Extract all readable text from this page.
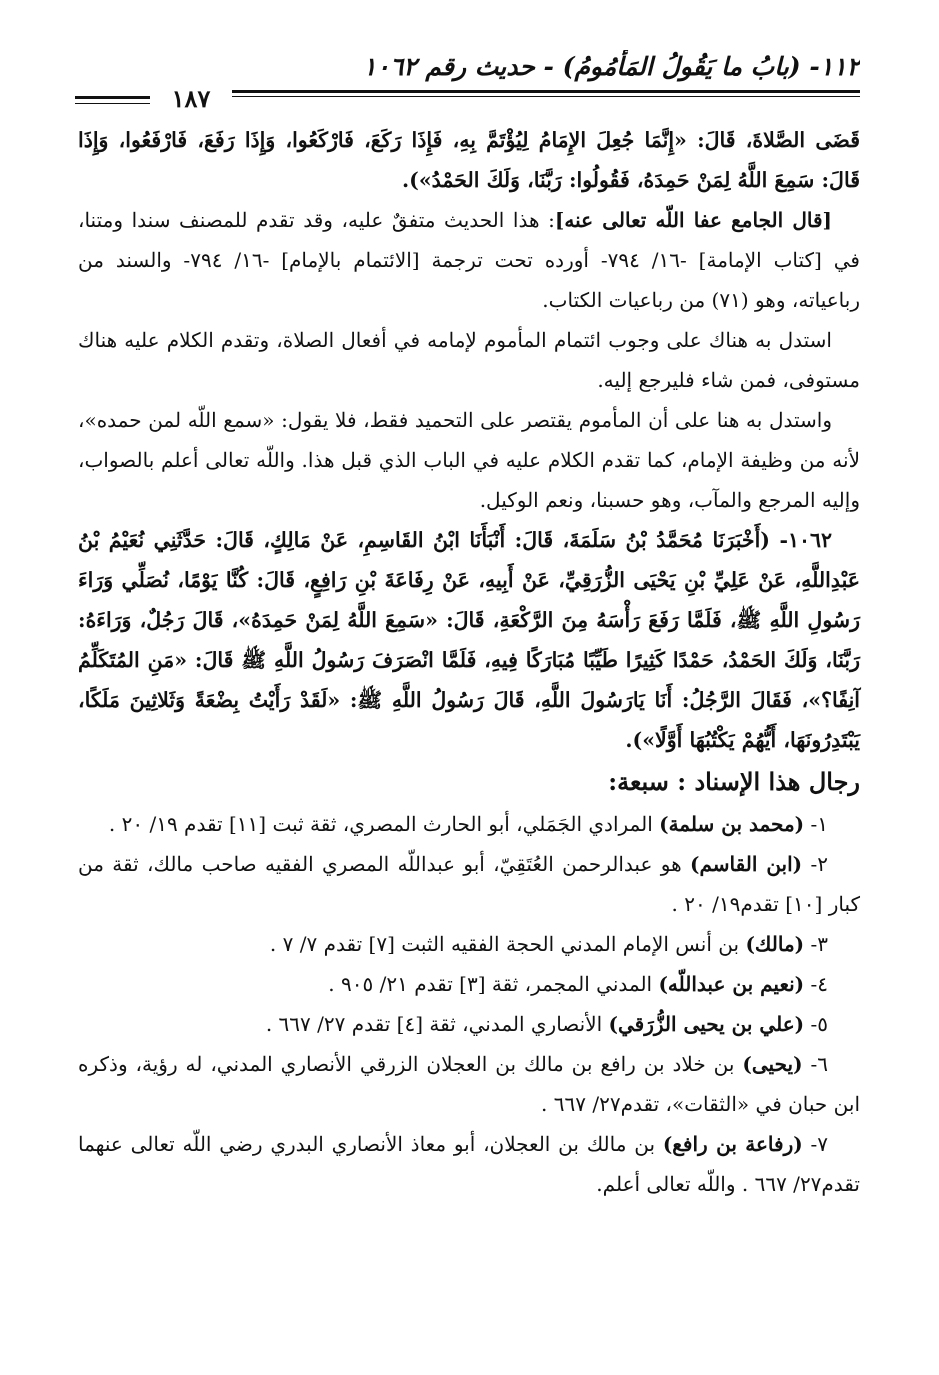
١١٢- (بابُ ما يَقُولُ المَأمُومُ) - حديث رقم ١٠٦٢
١٨٧

قَضَى الصَّلاةَ، قَالَ: «إِنَّمَا جُعِلَ الإِمَامُ لِيُؤْتَمَّ بِهِ، فَإِذَا رَكَعَ، فَارْكَعُوا، وَإِذَا رَفَعَ، فَارْفَعُوا، وَإِذَا قَالَ: سَمِعَ اللَّهُ لِمَنْ حَمِدَهُ، فَقُولُوا: رَبَّنَا، وَلَكَ الحَمْدُ»).

[قال الجامع عفا اللّه تعالى عنه]: هذا الحديث متفقٌ عليه، وقد تقدم للمصنف سندا ومتنا، في [كتاب الإمامة] -١٦/ ٧٩٤- أورده تحت ترجمة [الائتمام بالإمام] -١٦/ ٧٩٤- والسند من رباعياته، وهو (٧١) من رباعيات الكتاب.

استدل به هناك على وجوب ائتمام المأموم لإمامه في أفعال الصلاة، وتقدم الكلام عليه هناك مستوفى، فمن شاء فليرجع إليه.

واستدل به هنا على أن المأموم يقتصر على التحميد فقط، فلا يقول: «سمع اللّه لمن حمده»، لأنه من وظيفة الإمام، كما تقدم الكلام عليه في الباب الذي قبل هذا. واللّه تعالى أعلم بالصواب، وإليه المرجع والمآب، وهو حسبنا، ونعم الوكيل.

١٠٦٢- (أَخْبَرَنَا مُحَمَّدُ بْنُ سَلَمَةَ، قَالَ: أَنْبَأَنَا ابْنُ القَاسِمِ، عَنْ مَالِكٍ، قَالَ: حَدَّثَنِي نُعَيْمُ بْنُ عَبْدِاللَّهِ، عَنْ عَلِيِّ بْنِ يَحْيَى الزُّرَقِيِّ، عَنْ أَبِيهِ، عَنْ رِفَاعَةَ بْنِ رَافِعٍ، قَالَ: كُنَّا يَوْمًا، نُصَلِّي وَرَاءَ رَسُولِ اللَّهِ ﷺ، فَلَمَّا رَفَعَ رَأْسَهُ مِنَ الرَّكْعَةِ، قَالَ: «سَمِعَ اللَّهُ لِمَنْ حَمِدَهُ»، قَالَ رَجُلٌ، وَرَاءَهُ: رَبَّنَا، وَلَكَ الحَمْدُ، حَمْدًا كَثِيرًا طَيِّبًا مُبَارَكًا فِيهِ، فَلَمَّا انْصَرَفَ رَسُولُ اللَّهِ ﷺ قَالَ: «مَنِ المُتَكَلِّمُ آنِفًا؟»، فَقَالَ الرَّجُلُ: أَنَا يَارَسُولَ اللَّهِ، قَالَ رَسُولُ اللَّهِ ﷺ: «لَقَدْ رَأَيْتُ بِضْعَةً وَثَلاثِينَ مَلَكًا، يَبْتَدِرُونَهَا، أَيُّهُمْ يَكْتُبُهَا أَوَّلًا»).

رجال هذا الإسناد : سبعة:

١- (محمد بن سلمة) المرادي الجَمَلي، أبو الحارث المصري، ثقة ثبت [١١] تقدم ١٩/ ٢٠ .

٢- (ابن القاسم) هو عبدالرحمن العُتَقِيّ، أبو عبداللّه المصري الفقيه صاحب مالك، ثقة من كبار [١٠] تقدم١٩/ ٢٠ .

٣- (مالك) بن أنس الإمام المدني الحجة الفقيه الثبت [٧] تقدم ٧/ ٧ .

٤- (نعيم بن عبداللّه) المدني المجمر، ثقة [٣] تقدم ٢١/ ٩٠٥ .

٥- (علي بن يحيى الزُّرَقي) الأنصاري المدني، ثقة [٤] تقدم ٢٧/ ٦٦٧ .

٦- (يحيى) بن خلاد بن رافع بن مالك بن العجلان الزرقي الأنصاري المدني، له رؤية، وذكره ابن حبان في «الثقات»، تقدم٢٧/ ٦٦٧ .

٧- (رفاعة بن رافع) بن مالك بن العجلان، أبو معاذ الأنصاري البدري رضي اللّه تعالى عنهما تقدم٢٧/ ٦٦٧ . واللّه تعالى أعلم.
